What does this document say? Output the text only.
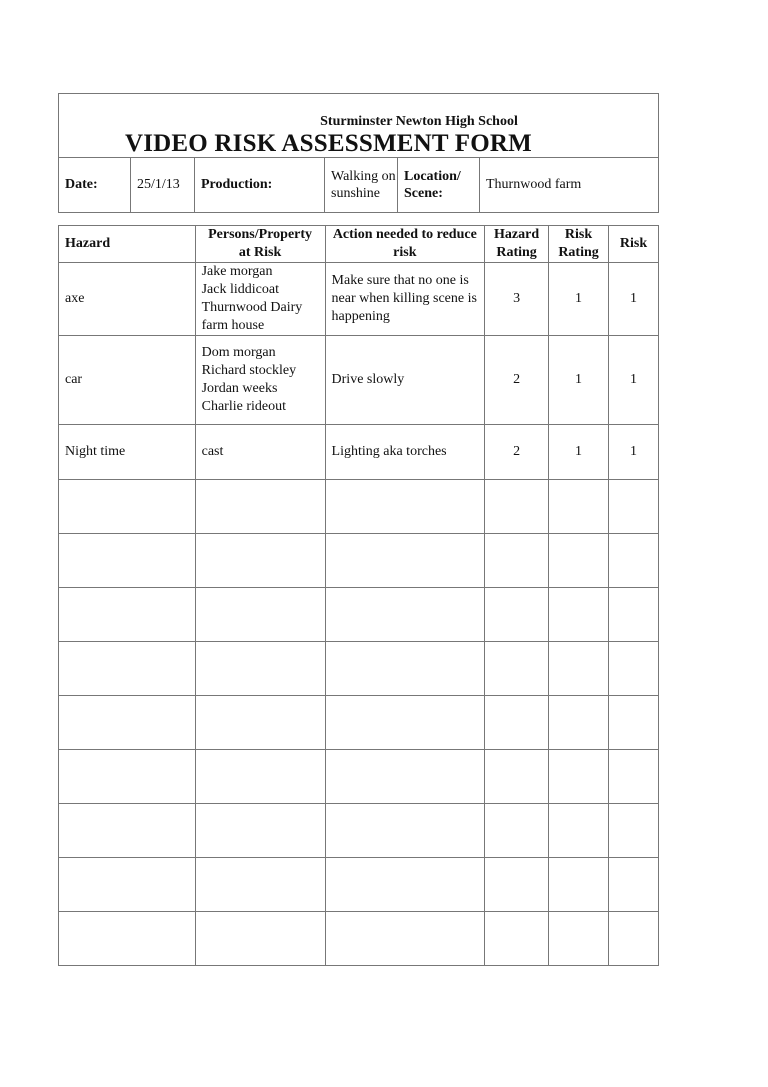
Sturminster Newton High School
VIDEO RISK ASSESSMENT FORM
Date:	25/1/13	Production:	Walking on sunshine	Location/ Scene:	Thurnwood farm
Hazard	Persons/Property at Risk	Action needed to reduce risk	Hazard Rating	Risk Rating	Risk
axe	Jake morgan
Jack liddicoat
Thurnwood Dairy
farm house	Make sure that no one is near when killing scene is happening	3	1	1
car	Dom morgan
Richard stockley
Jordan weeks
Charlie rideout	Drive slowly	2	1	1
Night time	cast	Lighting aka torches	2	1	1
